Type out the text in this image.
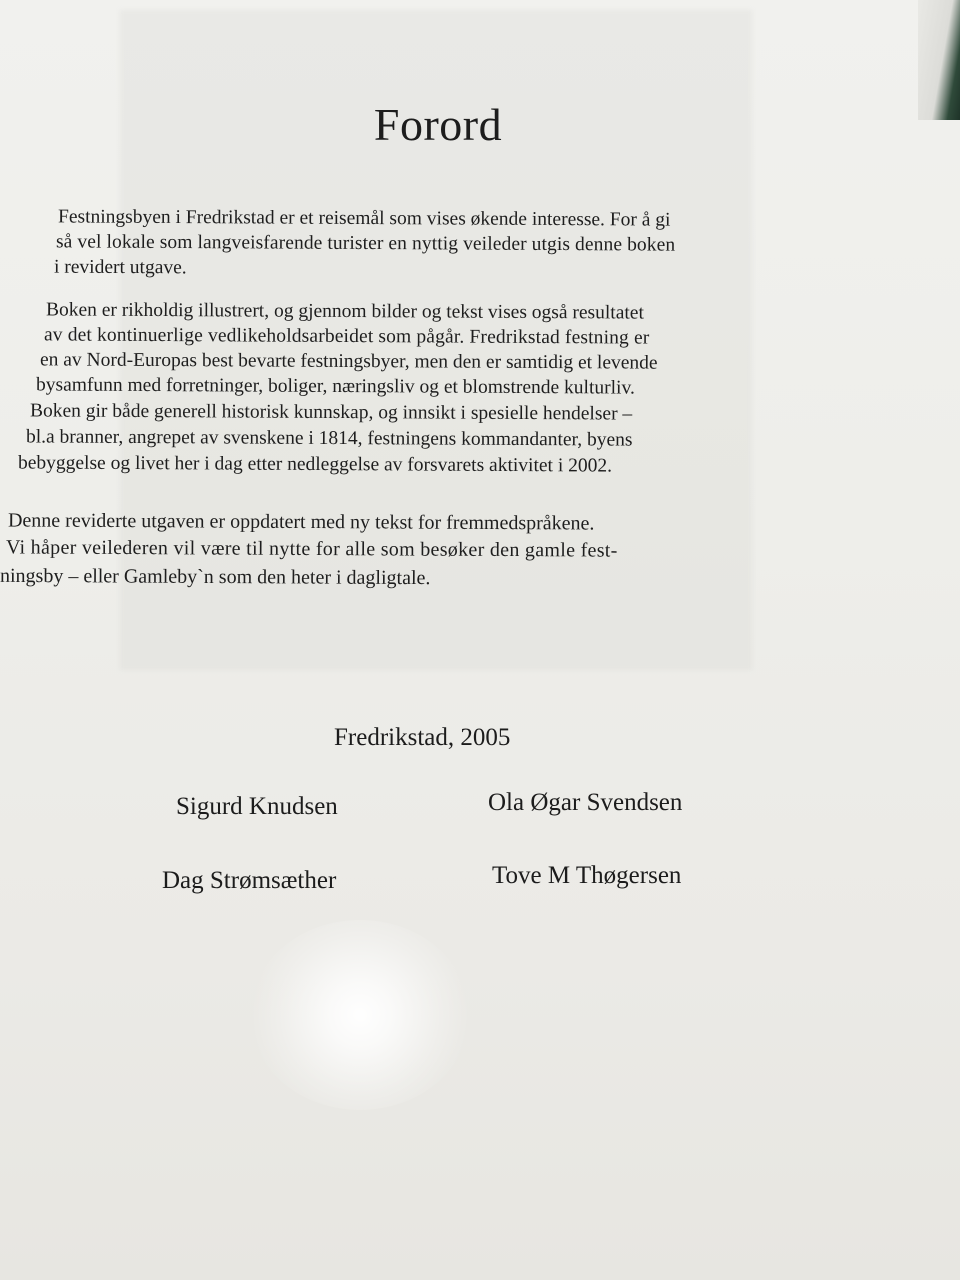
Forord
Festningsbyen i Fredrikstad er et reisemål som vises økende interesse. For å gi
så vel lokale som langveisfarende turister en nyttig veileder utgis denne boken
i revidert utgave.
Boken er rikholdig illustrert, og gjennom bilder og tekst vises også resultatet
av det kontinuerlige vedlikeholdsarbeidet som pågår. Fredrikstad festning er
en av Nord-Europas best bevarte festningsbyer, men den er samtidig et levende
bysamfunn med forretninger, boliger, næringsliv og et blomstrende kulturliv.
Boken gir både generell historisk kunnskap, og innsikt i spesielle hendelser –
bl.a branner, angrepet av svenskene i 1814, festningens kommandanter, byens
bebyggelse og livet her i dag etter nedleggelse av forsvarets aktivitet i 2002.
Denne reviderte utgaven er oppdatert med ny tekst for fremmedspråkene.
Vi håper veilederen vil være til nytte for alle som besøker den gamle fest-
ningsby – eller Gamleby`n som den heter i dagligtale.
Fredrikstad, 2005
Sigurd Knudsen	Ola Øgar Svendsen
Dag Strømsæther	Tove M Thøgersen
